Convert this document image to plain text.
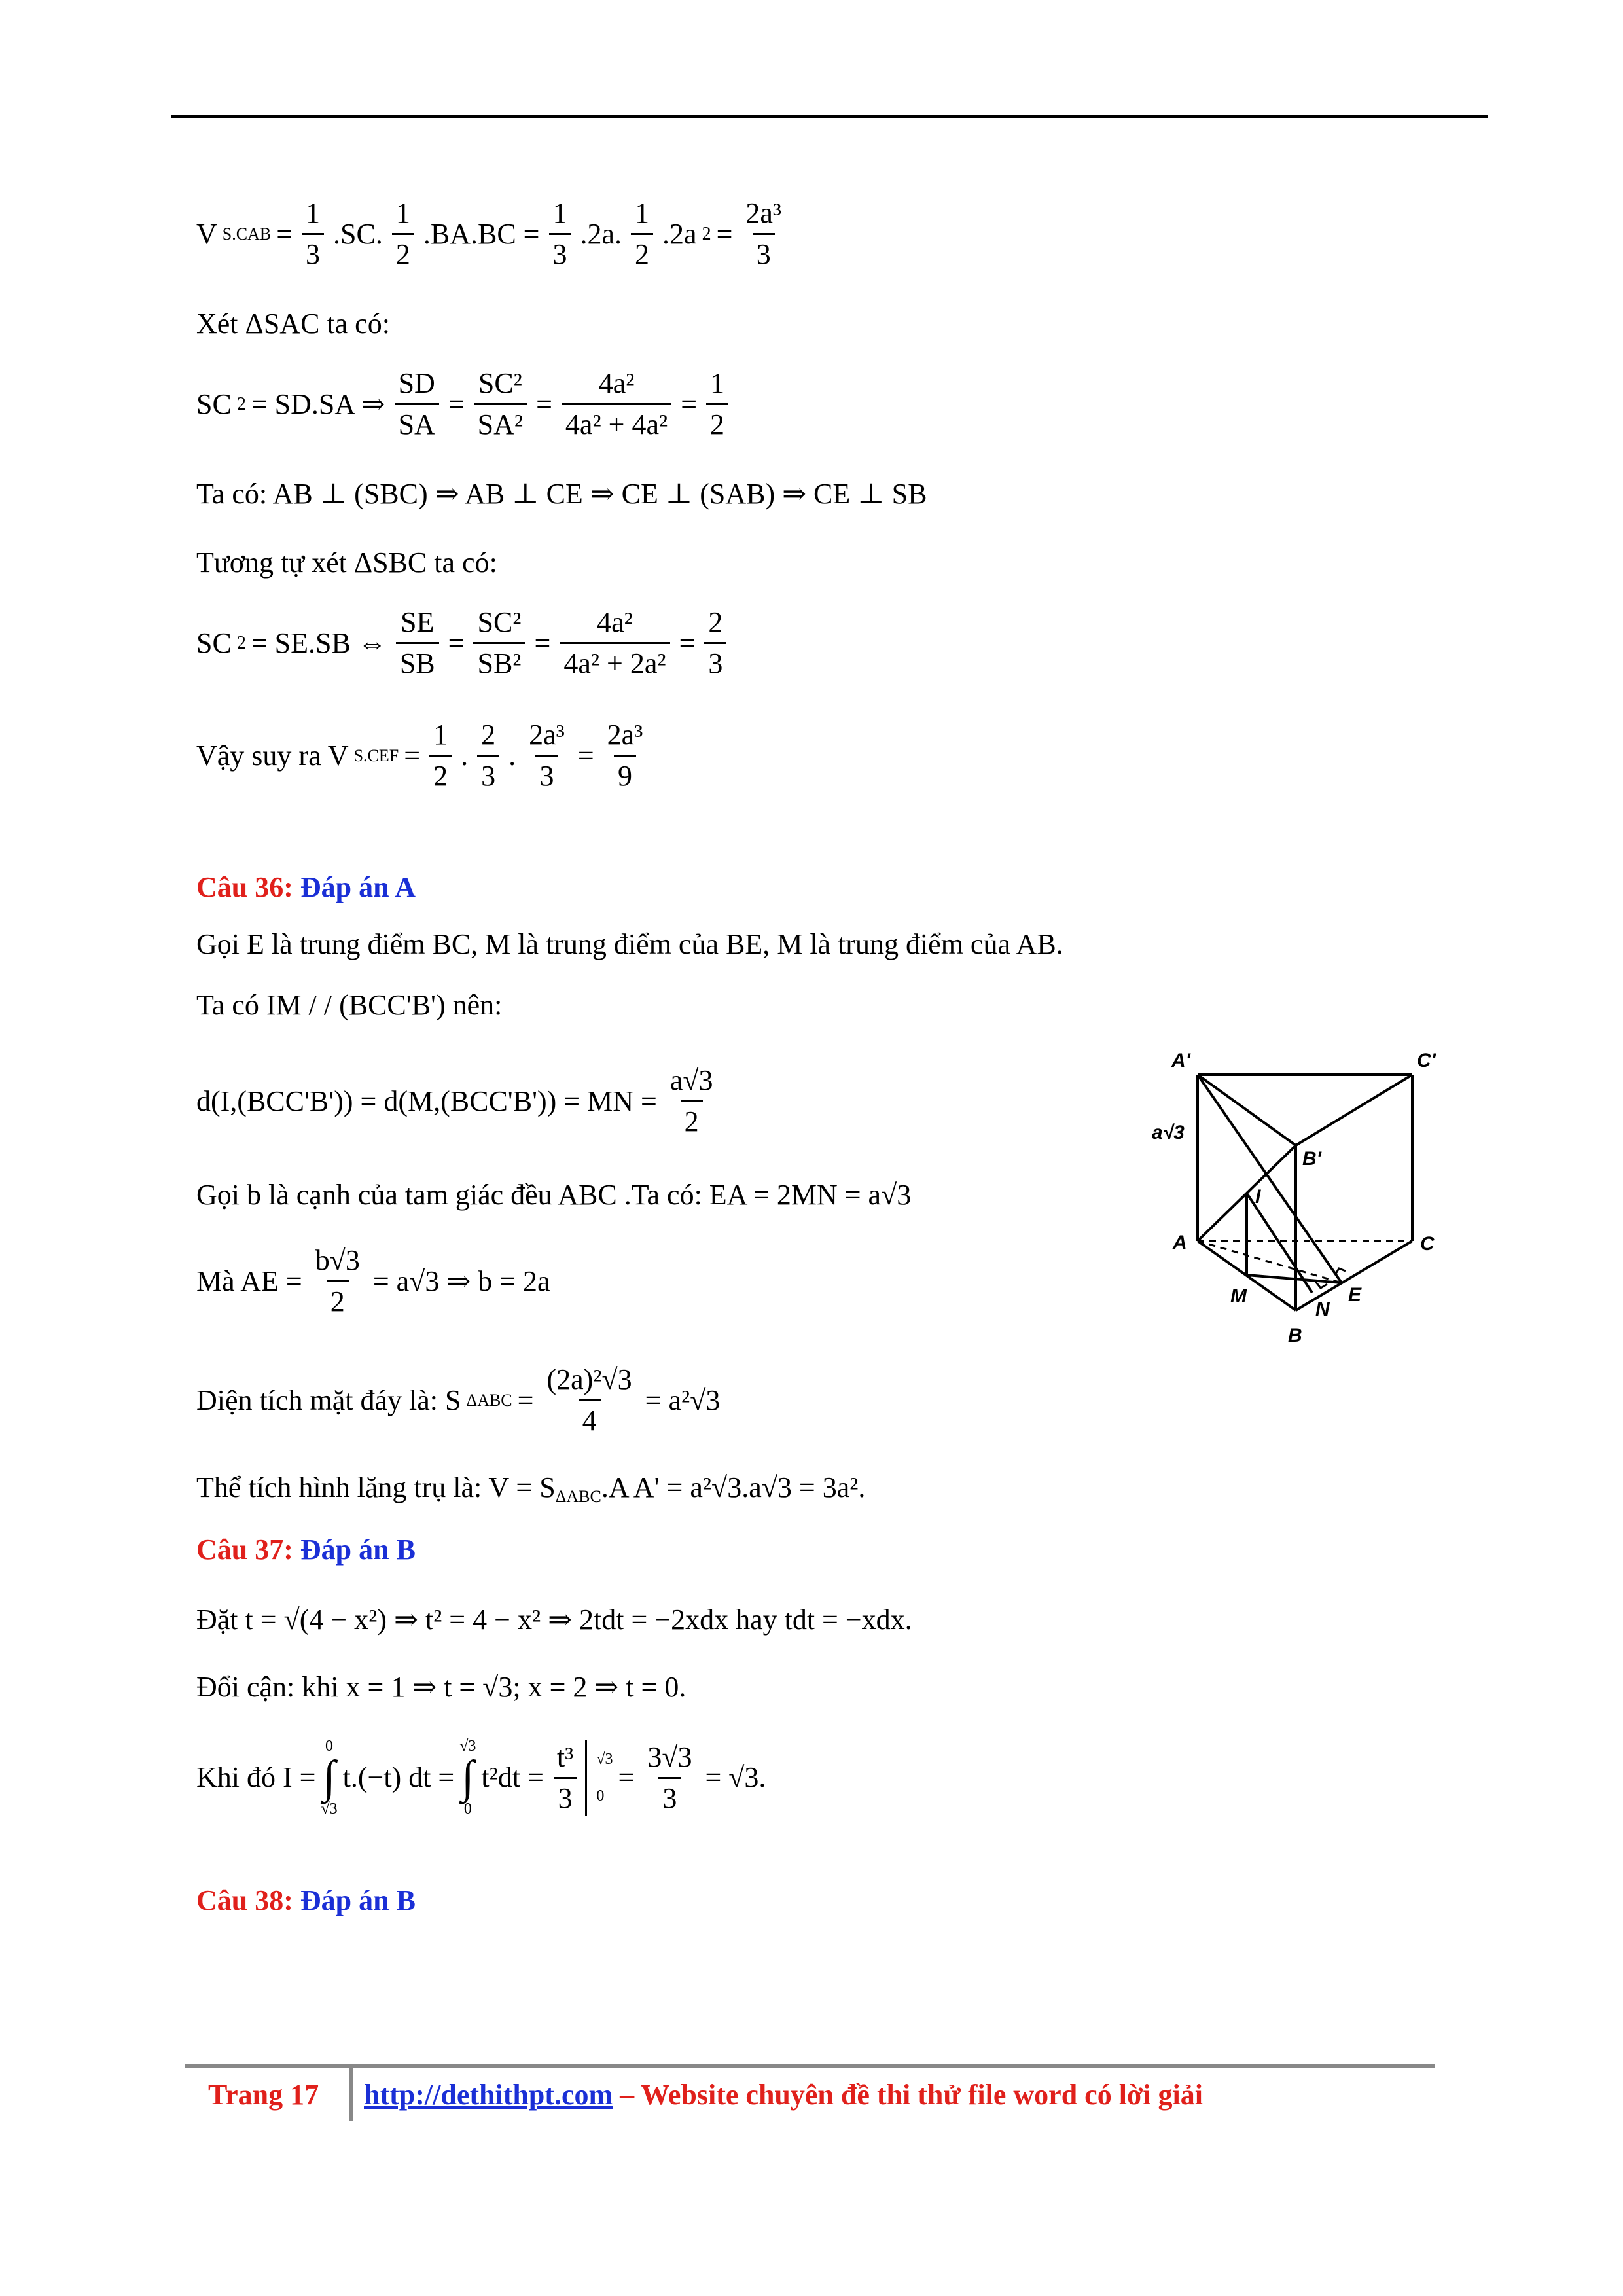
V $S.CAB = \frac{1}{3} .SC$. $\frac{1}{2} .BA.BC = \frac{1}{3} .2a$. $\frac{1}{2} .2a$ $2 = \frac{\text{2a³}}{3}$
Xét ΔSAC ta có:
SC 2 = SD.SA ⇒ $\frac{SD}{SA} = \frac{\text{SC²}}{\text{SA²}} = \frac{\text{4a²}}{\text{4a² + 4a²}} = \frac{1}{2}$
Ta có: AB ⊥ (SBC) ⇒ AB ⊥ CE ⇒ CE ⊥ (SAB) ⇒ CE ⊥ SB
Tương tự xét ΔSBC ta có:
SC 2 = SE.SB ⇔ $\frac{SE}{SB} = \frac{\text{SC²}}{\text{SB²}} = \frac{\text{4a²}}{\text{4a² + 2a²}} = \frac{2}{3}$
Vậy suy ra V $S.CEF = \frac{1}{2}$ . $\frac{2}{3}$ . $\frac{\text{2a³}}{3} = \frac{\text{2a³}}{9}$
Câu 36: Đáp án A
Gọi E là trung điểm BC, M là trung điểm của BE, M là trung điểm của AB.
Ta có IM / / (BCC'B') nên:
d(I,(BCC'B')) = d(M,(BCC'B')) = MN = $\frac{a√3}{2}$
Gọi b là cạnh của tam giác đều ABC .Ta có: EA = 2MN = a√3
Mà AE = $\frac{b√3}{2} = a√3$ ⇒ b = 2a
Diện tích mặt đáy là: S $\Delta ABC = \frac{\text{(2a)²√3}}{4} = a^2√3$
Thể tích hình lăng trụ là: $V = S_{\Delta ABC}.A$ A' = a²√3.a√3 = 3a².
A'	C'
a√3
B'
I
A	C
M	E
N
B
Câu 37: Đáp án B
Đặt t = √(4 − x²) ⇒ t² = 4 − x² ⇒ 2tdt = −2xdx hay tdt = −xdx.
Đổi cận: khi x = 1 ⇒ t = √3; x = 2 ⇒ t = 0.
Khi đó I =
0
∫
√3
t.(−t) dt =
√3
∫
0
$t^2dt = \frac{\text{t³}}{3} √3$
0
= $\frac{3√3}{3} = √3$.
Câu 38: Đáp án B
Trang 17 http://dethithpt.com – Website chuyên đề thi thử file word có lời giải
